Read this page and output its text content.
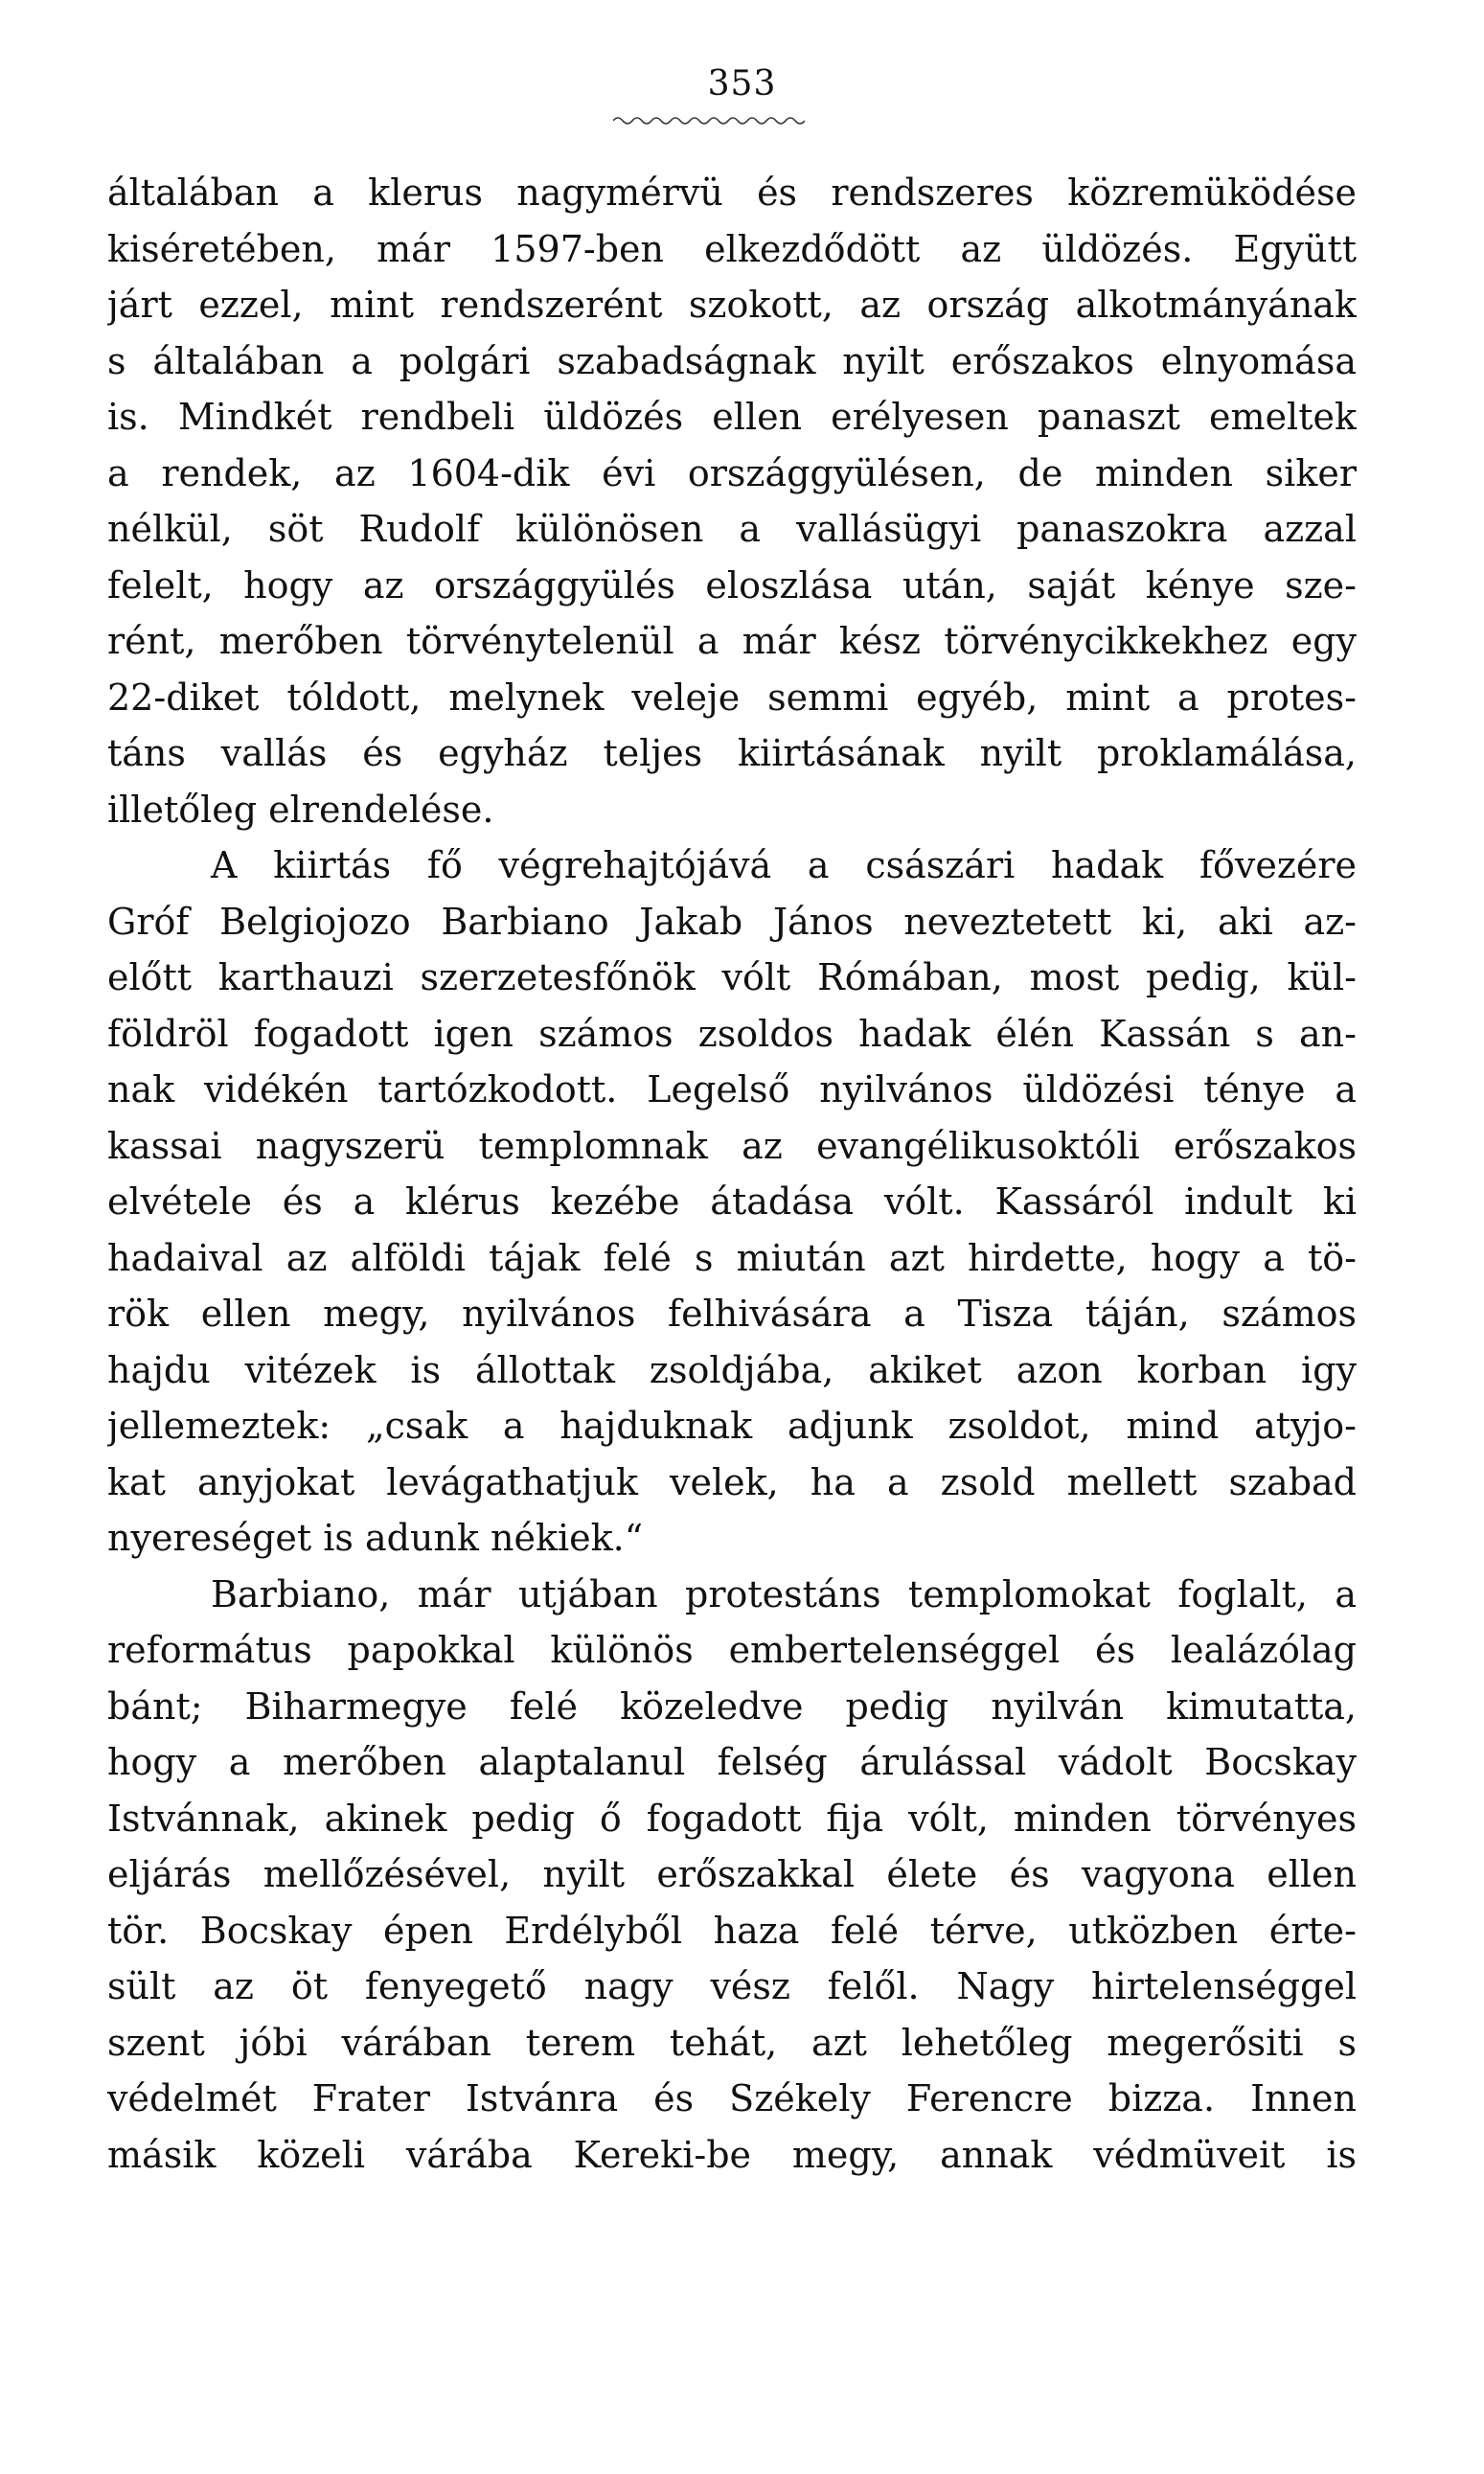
353
általában a klerus nagymérvü és rendszeres közremüködése
kiséretében, már 1597-ben elkezdődött az üldözés. Együtt
járt ezzel, mint rendszerént szokott, az ország alkotmányának
s általában a polgári szabadságnak nyilt erőszakos elnyomása
is. Mindkét rendbeli üldözés ellen erélyesen panaszt emeltek
a rendek, az 1604-dik évi országgyülésen, de minden siker
nélkül, söt Rudolf különösen a vallásügyi panaszokra azzal
felelt, hogy az országgyülés eloszlása után, saját kénye sze-
rént, merőben törvénytelenül a már kész törvénycikkekhez egy
22-diket tóldott, melynek veleje semmi egyéb, mint a protes-
táns vallás és egyház teljes kiirtásának nyilt proklamálása,
illetőleg elrendelése.
A kiirtás fő végrehajtójává a császári hadak fővezére
Gróf Belgiojozo Barbiano Jakab János neveztetett ki, aki az-
előtt karthauzi szerzetesfőnök vólt Rómában, most pedig, kül-
földröl fogadott igen számos zsoldos hadak élén Kassán s an-
nak vidékén tartózkodott. Legelső nyilvános üldözési ténye a
kassai nagyszerü templomnak az evangélikusoktóli erőszakos
elvétele és a klérus kezébe átadása vólt. Kassáról indult ki
hadaival az alföldi tájak felé s miután azt hirdette, hogy a tö-
rök ellen megy, nyilvános felhivására a Tisza táján, számos
hajdu vitézek is állottak zsoldjába, akiket azon korban igy
jellemeztek: „csak a hajduknak adjunk zsoldot, mind atyjo-
kat anyjokat levágathatjuk velek, ha a zsold mellett szabad
nyereséget is adunk nékiek.“
Barbiano, már utjában protestáns templomokat foglalt, a
református papokkal különös embertelenséggel és lealázólag
bánt; Biharmegye felé közeledve pedig nyilván kimutatta,
hogy a merőben alaptalanul felség árulással vádolt Bocskay
Istvánnak, akinek pedig ő fogadott fija vólt, minden törvényes
eljárás mellőzésével, nyilt erőszakkal élete és vagyona ellen
tör. Bocskay épen Erdélyből haza felé térve, utközben érte-
sült az öt fenyegető nagy vész felől. Nagy hirtelenséggel
szent jóbi várában terem tehát, azt lehetőleg megerősiti s
védelmét Frater Istvánra és Székely Ferencre bizza. Innen
másik közeli várába Kereki-be megy, annak védmüveit is
